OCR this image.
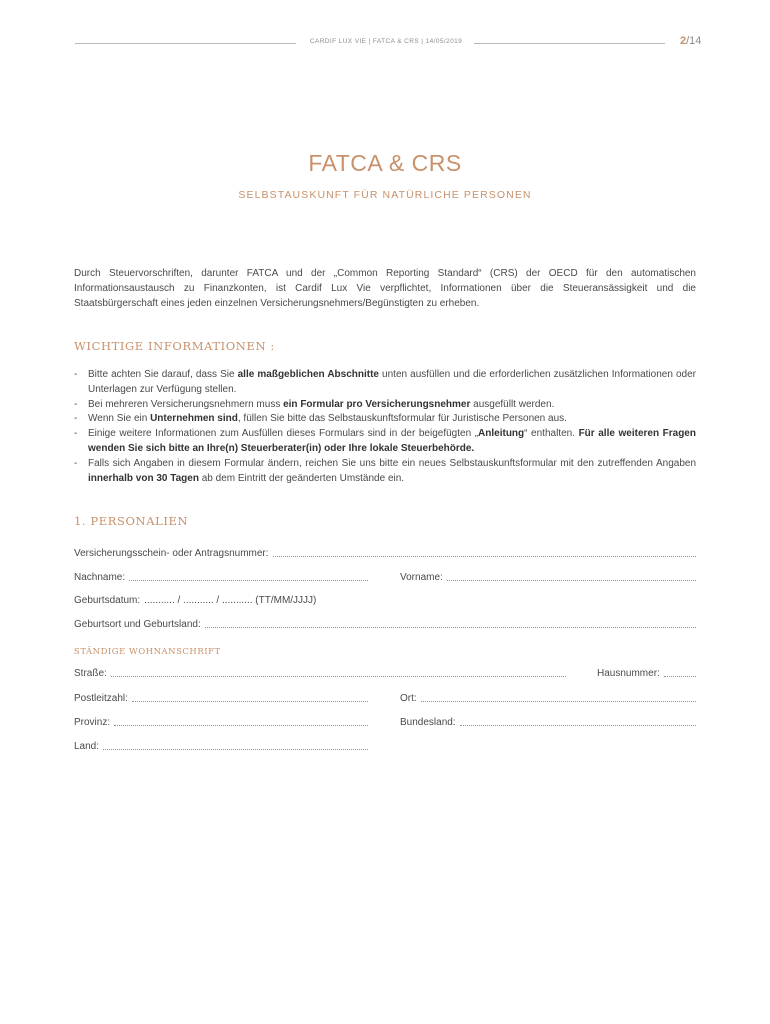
CARDIF LUX VIE | FATCA & CRS | 14/05/2019	2/14
FATCA & CRS
SELBSTAUSKUNFT FÜR NATÜRLICHE PERSONEN
Durch Steuervorschriften, darunter FATCA und der „Common Reporting Standard“ (CRS) der OECD für den automatischen Informationsaustausch zu Finanzkonten, ist Cardif Lux Vie verpflichtet, Informationen über die Steueransässigkeit und die Staatsbürgerschaft eines jeden einzelnen Versicherungsnehmers/Begünstigten zu erheben.
WICHTIGE INFORMATIONEN :
- Bitte achten Sie darauf, dass Sie alle maßgeblichen Abschnitte unten ausfüllen und die erforderlichen zusätzlichen Informationen oder Unterlagen zur Verfügung stellen.
- Bei mehreren Versicherungsnehmern muss ein Formular pro Versicherungsnehmer ausgefüllt werden.
- Wenn Sie ein Unternehmen sind, füllen Sie bitte das Selbstauskunftsformular für Juristische Personen aus.
- Einige weitere Informationen zum Ausfüllen dieses Formulars sind in der beigefügten „Anleitung“ enthalten. Für alle weiteren Fragen wenden Sie sich bitte an Ihre(n) Steuerberater(in) oder Ihre lokale Steuerbehörde.
- Falls sich Angaben in diesem Formular ändern, reichen Sie uns bitte ein neues Selbstauskunftsformular mit den zutreffenden Angaben innerhalb von 30 Tagen ab dem Eintritt der geänderten Umstände ein.
1. PERSONALIEN
Versicherungsschein- oder Antragsnummer:
Nachname:	Vorname:
Geburtsdatum: ........... / ........... / ........... (TT/MM/JJJJ)
Geburtsort und Geburtsland:
STÄNDIGE WOHNANSCHRIFT
Straße:	Hausnummer:
Postleitzahl:	Ort:
Provinz:	Bundesland:
Land:
